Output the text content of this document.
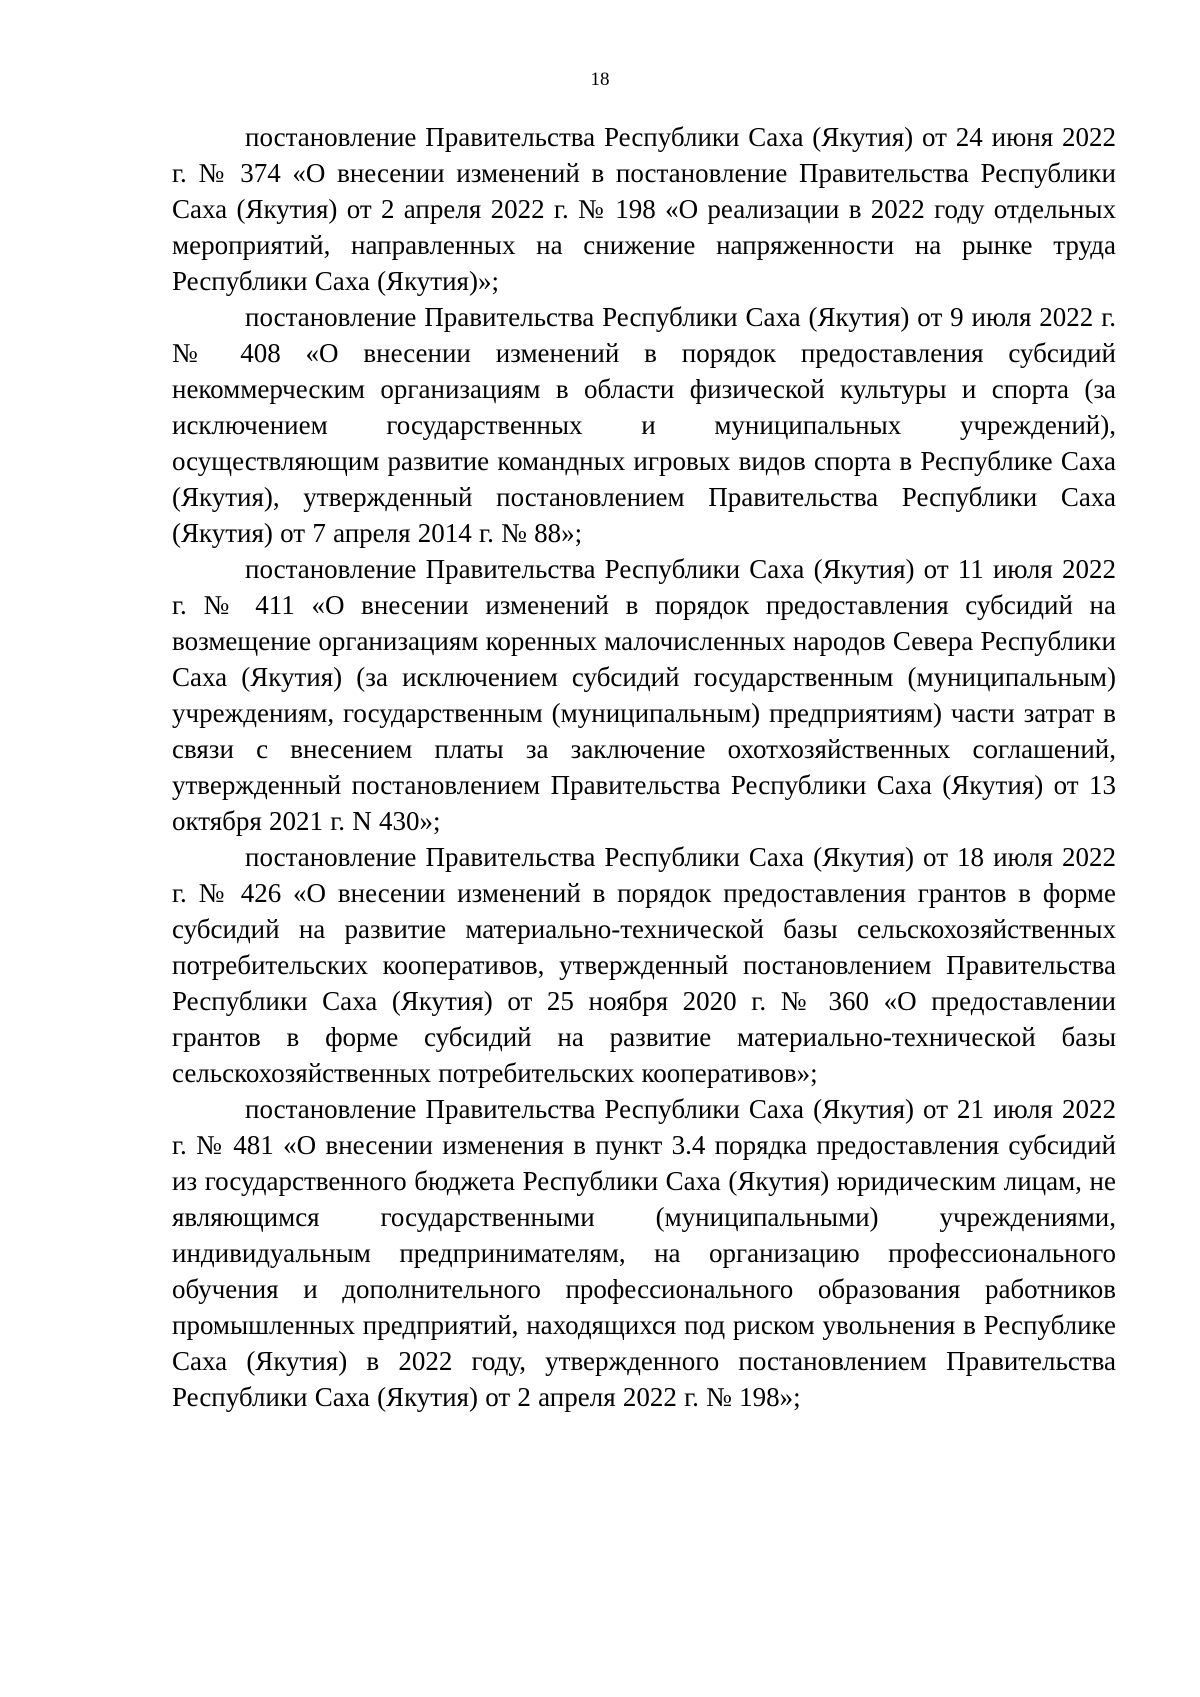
18

постановление Правительства Республики Саха (Якутия) от 24 июня 2022 г. № 374 «О внесении изменений в постановление Правительства Республики Саха (Якутия) от 2 апреля 2022 г. № 198 «О реализации в 2022 году отдельных мероприятий, направленных на снижение напряженности на рынке труда Республики Саха (Якутия)»;

постановление Правительства Республики Саха (Якутия) от 9 июля 2022 г. № 408 «О внесении изменений в порядок предоставления субсидий некоммерческим организациям в области физической культуры и спорта (за исключением государственных и муниципальных учреждений), осуществляющим развитие командных игровых видов спорта в Республике Саха (Якутия), утвержденный постановлением Правительства Республики Саха (Якутия) от 7 апреля 2014 г. № 88»;

постановление Правительства Республики Саха (Якутия) от 11 июля 2022 г. № 411 «О внесении изменений в порядок предоставления субсидий на возмещение организациям коренных малочисленных народов Севера Республики Саха (Якутия) (за исключением субсидий государственным (муниципальным) учреждениям, государственным (муниципальным) предприятиям) части затрат в связи с внесением платы за заключение охотхозяйственных соглашений, утвержденный постановлением Правительства Республики Саха (Якутия) от 13 октября 2021 г. N 430»;

постановление Правительства Республики Саха (Якутия) от 18 июля 2022 г. № 426 «О внесении изменений в порядок предоставления грантов в форме субсидий на развитие материально-технической базы сельскохозяйственных потребительских кооперативов, утвержденный постановлением Правительства Республики Саха (Якутия) от 25 ноября 2020 г. № 360 «О предоставлении грантов в форме субсидий на развитие материально-технической базы сельскохозяйственных потребительских кооперативов»;

постановление Правительства Республики Саха (Якутия) от 21 июля 2022 г. № 481 «О внесении изменения в пункт 3.4 порядка предоставления субсидий из государственного бюджета Республики Саха (Якутия) юридическим лицам, не являющимся государственными (муниципальными) учреждениями, индивидуальным предпринимателям, на организацию профессионального обучения и дополнительного профессионального образования работников промышленных предприятий, находящихся под риском увольнения в Республике Саха (Якутия) в 2022 году, утвержденного постановлением Правительства Республики Саха (Якутия) от 2 апреля 2022 г. № 198»;
